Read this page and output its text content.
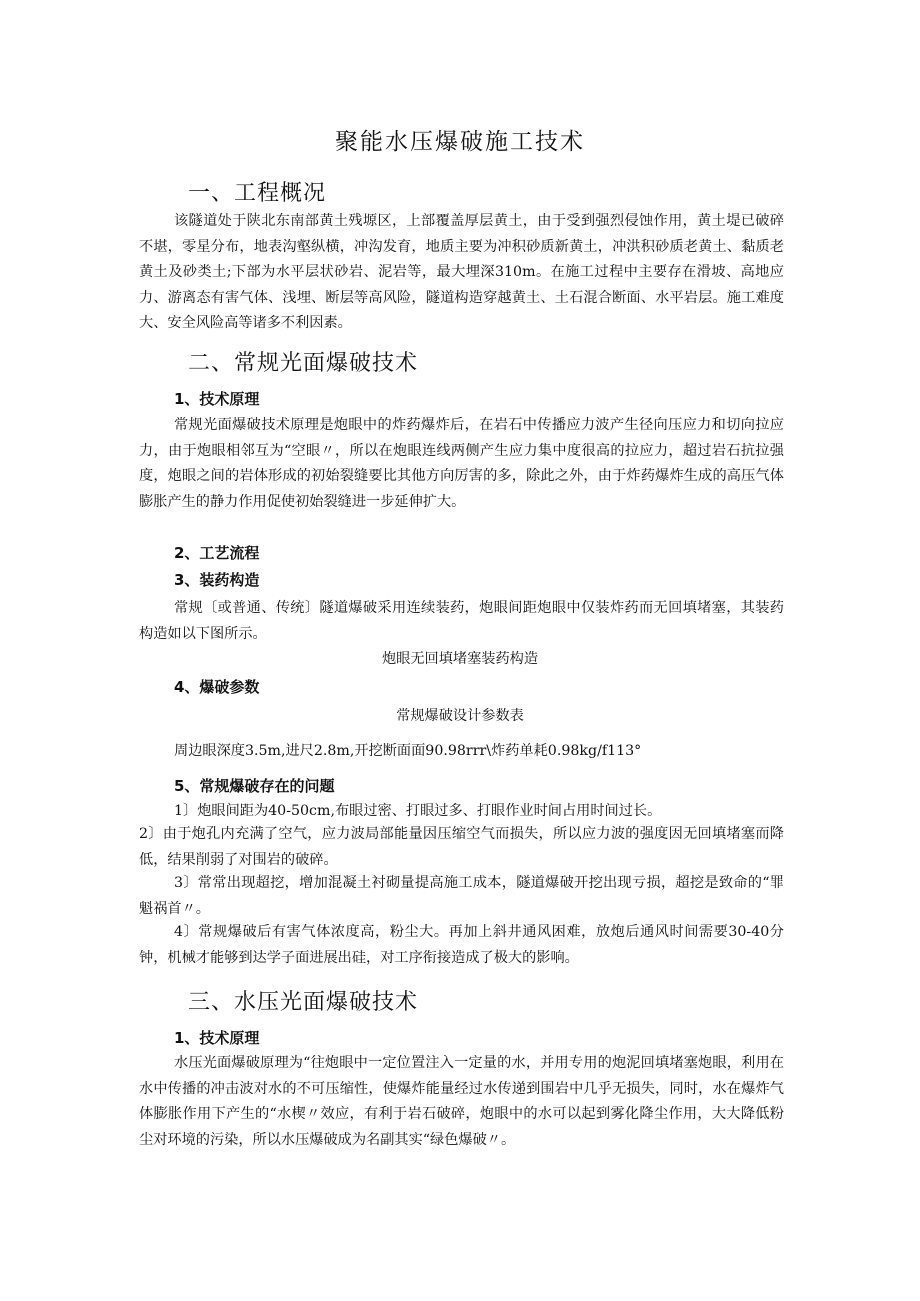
聚能水压爆破施工技术
一、工程概况
该隧道处于陕北东南部黄土残塬区，上部覆盖厚层黄土，由于受到强烈侵蚀作用，黄土堤已破碎不堪，零星分布，地表沟壑纵横，冲沟发育，地质主要为冲积砂质新黄土，冲洪积砂质老黄土、黏质老黄土及砂类土;下部为水平层状砂岩、泥岩等，最大埋深310m。在施工过程中主要存在滑坡、高地应力、游离态有害气体、浅埋、断层等高风险，隧道构造穿越黄土、土石混合断面、水平岩层。施工难度大、安全风险高等诸多不利因素。
二、常规光面爆破技术
1、技术原理
常规光面爆破技术原理是炮眼中的炸药爆炸后，在岩石中传播应力波产生径向压应力和切向拉应力，由于炮眼相邻互为“空眼〃，所以在炮眼连线两侧产生应力集中度很高的拉应力，超过岩石抗拉强度，炮眼之间的岩体形成的初始裂缝要比其他方向厉害的多，除此之外，由于炸药爆炸生成的高压气体膨胀产生的静力作用促使初始裂缝进一步延伸扩大。
2、工艺流程
3、装药构造
常规〔或普通、传统〕隧道爆破采用连续装药，炮眼间距炮眼中仅装炸药而无回填堵塞，其装药构造如以下图所示。
炮眼无回填堵塞装药构造
4、爆破参数
常规爆破设计参数表
周边眼深度3.5m,进尺2.8m,开挖断面面90.98rrr\炸药单耗0.98kg∕f113°
5、常规爆破存在的问题
1〕炮眼间距为40-50cm,布眼过密、打眼过多、打眼作业时间占用时间过长。
2〕由于炮孔内充满了空气，应力波局部能量因压缩空气而损失，所以应力波的强度因无回填堵塞而降低，结果削弱了对围岩的破碎。
3〕常常出现超挖，增加混凝土衬砌量提高施工成本，隧道爆破开挖出现亏损，超挖是致命的“罪魁祸首〃。
4〕常规爆破后有害气体浓度高，粉尘大。再加上斜井通风困难，放炮后通风时间需要30-40分钟，机械才能够到达学子面进展出硅，对工序衔接造成了极大的影响。
三、水压光面爆破技术
1、技术原理
水压光面爆破原理为“往炮眼中一定位置注入一定量的水，并用专用的炮泥回填堵塞炮眼，利用在水中传播的冲击波对水的不可压缩性，使爆炸能量经过水传递到围岩中几乎无损失，同时，水在爆炸气体膨胀作用下产生的“水楔〃效应，有利于岩石破碎，炮眼中的水可以起到雾化降尘作用，大大降低粉尘对环境的污染，所以水压爆破成为名副其实“绿色爆破〃。
